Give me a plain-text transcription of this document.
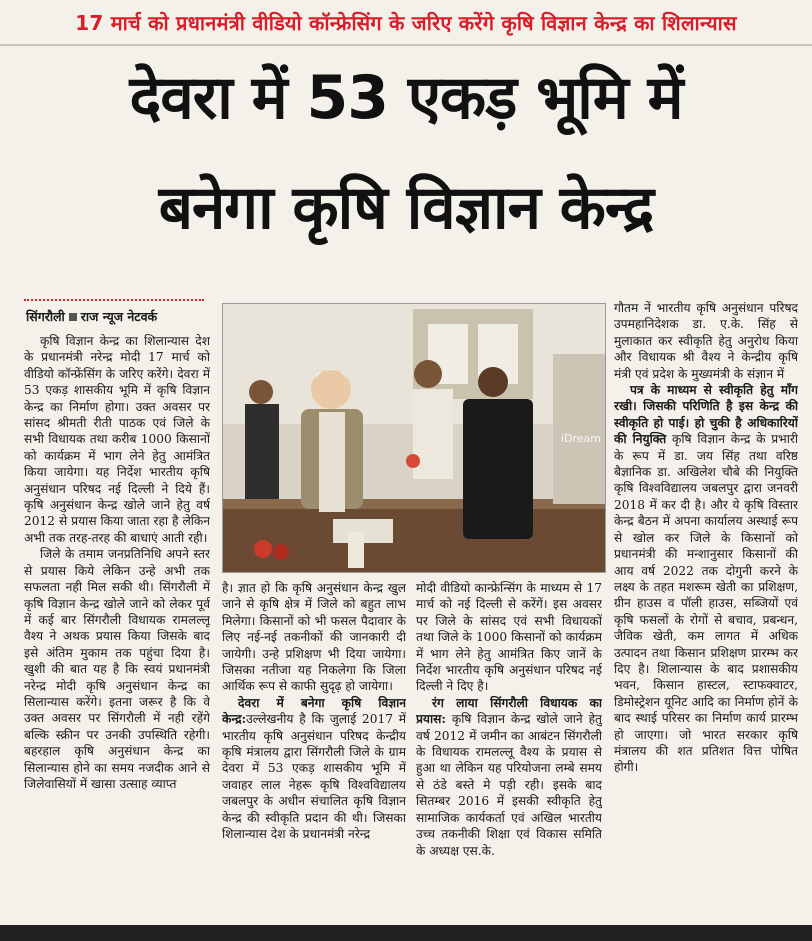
17 मार्च को प्रधानमंत्री वीडियो कॉन्फ्रेसिंग के जरिए करेंगे कृषि विज्ञान केन्द्र का शिलान्यास
देवरा में 53 एकड़ भूमि में
बनेगा कृषि विज्ञान केन्द्र
सिंगरौली राज न्यूज नेटवर्क

कृषि विज्ञान केन्द्र का शिलान्यास देश के प्रधानमंत्री नरेन्द्र मोदी 17 मार्च को वीडियो कॉन्फ्रेंसिंग के जरिए करेंगे। देवरा में 53 एकड़ शासकीय भूमि में कृषि विज्ञान केन्द्र का निर्माण होगा। उक्त अवसर पर सांसद श्रीमती रीती पाठक एवं जिले के सभी विधायक तथा करीब 1000 किसानों को कार्यक्रम में भाग लेने हेतु आमंत्रित किया जायेगा। यह निर्देश भारतीय कृषि अनुसंधान परिषद नई दिल्ली ने दिये हैं। कृषि अनुसंधान केन्द्र खोले जाने हेतु वर्ष 2012 से प्रयास किया जाता रहा है लेकिन अभी तक तरह-तरह की बाधाएं आती रही।

जिले के तमाम जनप्रतिनिधि अपने स्तर से प्रयास किये लेकिन उन्हे अभी तक सफलता नही मिल सकी थी। सिंगरौली में कृषि विज्ञान केन्द्र खोले जाने को लेकर पूर्व में कई बार सिंगरौली विधायक रामलल्लू वैश्य ने अथक प्रयास किया जिसके बाद इसे अंतिम मुकाम तक पहुंचा दिया है। खुशी की बात यह है कि स्वयं प्रधानमंत्री नरेन्द्र मोदी कृषि अनुसंधान केन्द्र का सिलान्यास करेंगे। इतना जरूर है कि वे उक्त अवसर पर सिंगरौली में नही रहेंगे बल्कि स्क्रीन पर उनकी उपस्थिति रहेगी। बहरहाल कृषि अनुसंधान केन्द्र का सिलान्यास होने का समय नजदीक आने से जिलेवासियों में खासा उत्साह व्याप्त

iDream

है। ज्ञात हो कि कृषि अनुसंधान केन्द्र खुल जाने से कृषि क्षेत्र में जिले को बहुत लाभ मिलेगा। किसानों को भी फसल पैदावार के लिए नई-नई तकनीकों की जानकारी दी जायेगी। उन्हे प्रशिक्षण भी दिया जायेगा। जिसका नतीजा यह निकलेगा कि जिला आर्थिक रूप से काफी सुदृढ़ हो जायेगा।

देवरा में बनेगा कृषि विज्ञान केन्द्र:उल्लेखनीय है कि जुलाई 2017 में भारतीय कृषि अनुसंधान परिषद केन्द्रीय कृषि मंत्रालय द्वारा सिंगरौली जिले के ग्राम देवरा में 53 एकड़ शासकीय भूमि में जवाहर लाल नेहरू कृषि विश्वविद्यालय जबलपुर के अधीन संचालित कृषि विज्ञान केन्द्र की स्वीकृति प्रदान की थी। जिसका शिलान्यास देश के प्रधानमंत्री नरेन्द्र

मोदी वीडियो कान्फ्रेन्सिंग के माध्यम से 17 मार्च को नई दिल्ली से करेंगें। इस अवसर पर जिले के सांसद एवं सभी विधायकों तथा जिले के 1000 किसानों को कार्यक्रम में भाग लेने हेतु आमंत्रित किए जानें के निर्देश भारतीय कृषि अनुसंधान परिषद नई दिल्ली ने दिए है।

रंग लाया सिंगरौली विधायक का प्रयास: कृषि विज्ञान केन्द्र खोले जाने हेतु वर्ष 2012 में जमीन का आबंटन सिंगरौली के विधायक रामलल्लू वैश्य के प्रयास से हुआ था लेकिन यह परियोजना लम्बे समय से ठंडे बस्ते मे पड़ी रही। इसके बाद सितम्बर 2016 में इसकी स्वीकृति हेतु सामाजिक कार्यकर्ता एवं अखिल भारतीय उच्च तकनीकी शिक्षा एवं विकास समिति के अध्यक्ष एस.के.

गौतम नें भारतीय कृषि अनुसंधान परिषद उपमहानिदेशक डा. ए.के. सिंह से मुलाकात कर स्वीकृति हेतु अनुरोध किया और विधायक श्री वैश्य ने केन्द्रीय कृषि मंत्री एवं प्रदेश के मुख्यमंत्री के संज्ञान में

पत्र के माध्यम से स्वीकृति हेतु माँग रखी। जिसकी परिणिति है इस केन्द्र की स्वीकृति हो पाई। हो चुकी है अधिकारियों की नियुक्ति कृषि विज्ञान केन्द्र के प्रभारी के रूप में डा. जय सिंह तथा वरिष्ठ बैज्ञानिक डा. अखिलेश चौबे की नियुक्ति कृषि विश्वविद्यालय जबलपुर द्वारा जनवरी 2018 में कर दी है। और ये कृषि विस्तार केन्द्र बैठन में अपना कार्यालय अस्थाई रूप से खोल कर जिले के किसानों को प्रधानमंत्री की मन्शानुसार किसानों की आय वर्ष 2022 तक दोगुनी करने के लक्ष्य के तहत मशरूम खेती का प्रशिक्षण, ग्रीन हाउस व पॉली हाउस, सब्जियों एवं कृषि फसलों के रोगों से बचाव, प्रबन्धन, जैविक खेती, कम लागत में अधिक उत्पादन तथा किसान प्रशिक्षण प्रारम्भ कर दिए है। शिलान्यास के बाद प्रशासकीय भवन, किसान हास्टल, स्टाफक्वाटर, डिमोस्ट्रेशन यूनिट आदि का निर्माण होनें के बाद स्थाई परिसर का निर्माण कार्य प्रारम्भ हो जाएगा। जो भारत सरकार कृषि मंत्रालय की शत प्रतिशत वित्त पोषित होगी।
